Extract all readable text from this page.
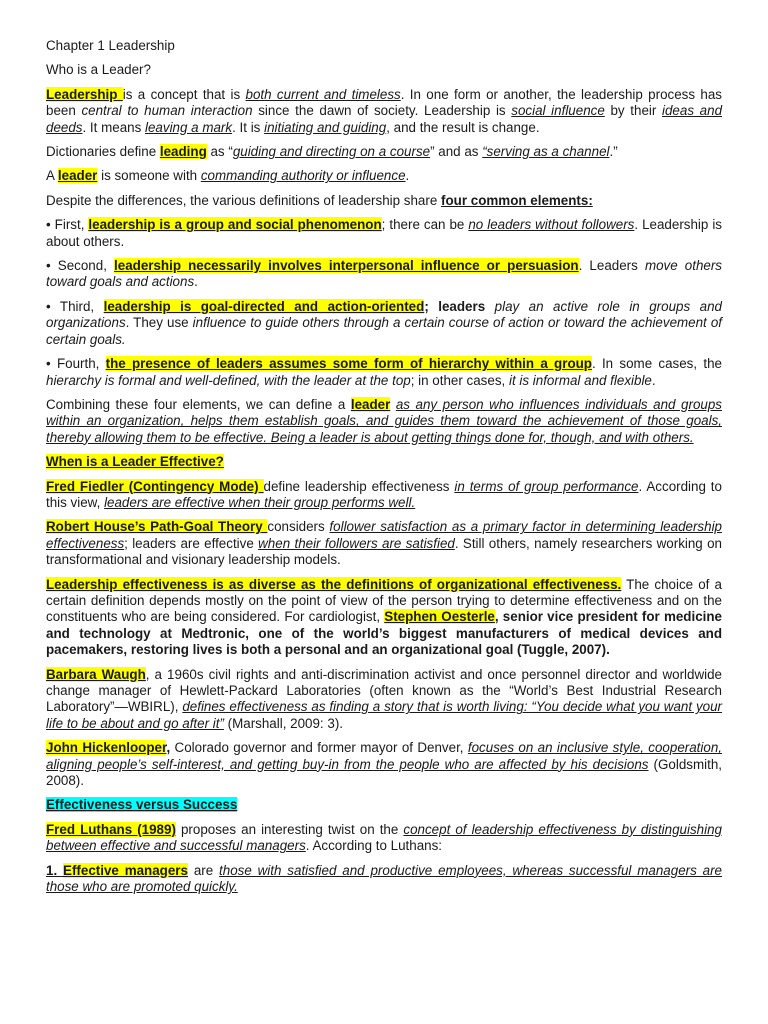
Chapter 1 Leadership
Who is a Leader?

Leadership is a concept that is both current and timeless. In one form or another, the leadership process has been central to human interaction since the dawn of society. Leadership is social influence by their ideas and deeds. It means leaving a mark. It is initiating and guiding, and the result is change.

Dictionaries define leading as “guiding and directing on a course” and as “serving as a channel.”

A leader is someone with commanding authority or influence.

Despite the differences, the various definitions of leadership share four common elements:

• First, leadership is a group and social phenomenon; there can be no leaders without followers. Leadership is about others.

• Second, leadership necessarily involves interpersonal influence or persuasion. Leaders move others toward goals and actions.

• Third, leadership is goal-directed and action-oriented; leaders play an active role in groups and organizations. They use influence to guide others through a certain course of action or toward the achievement of certain goals.

• Fourth, the presence of leaders assumes some form of hierarchy within a group. In some cases, the hierarchy is formal and well-defined, with the leader at the top; in other cases, it is informal and flexible.

Combining these four elements, we can define a leader as any person who influences individuals and groups within an organization, helps them establish goals, and guides them toward the achievement of those goals, thereby allowing them to be effective. Being a leader is about getting things done for, though, and with others.

When is a Leader Effective?

Fred Fiedler (Contingency Mode) define leadership effectiveness in terms of group performance. According to this view, leaders are effective when their group performs well.

Robert House’s Path-Goal Theory considers follower satisfaction as a primary factor in determining leadership effectiveness; leaders are effective when their followers are satisfied. Still others, namely researchers working on transformational and visionary leadership models.

Leadership effectiveness is as diverse as the definitions of organizational effectiveness. The choice of a certain definition depends mostly on the point of view of the person trying to determine effectiveness and on the constituents who are being considered. For cardiologist, Stephen Oesterle, senior vice president for medicine and technology at Medtronic, one of the world’s biggest manufacturers of medical devices and pacemakers, restoring lives is both a personal and an organizational goal (Tuggle, 2007).

Barbara Waugh, a 1960s civil rights and anti-discrimination activist and once personnel director and worldwide change manager of Hewlett-Packard Laboratories (often known as the “World’s Best Industrial Research Laboratory”—WBIRL), defines effectiveness as finding a story that is worth living: “You decide what you want your life to be about and go after it” (Marshall, 2009: 3).

John Hickenlooper, Colorado governor and former mayor of Denver, focuses on an inclusive style, cooperation, aligning people’s self-interest, and getting buy-in from the people who are affected by his decisions (Goldsmith, 2008).

Effectiveness versus Success

Fred Luthans (1989) proposes an interesting twist on the concept of leadership effectiveness by distinguishing between effective and successful managers. According to Luthans:

1. Effective managers are those with satisfied and productive employees, whereas successful managers are those who are promoted quickly.
